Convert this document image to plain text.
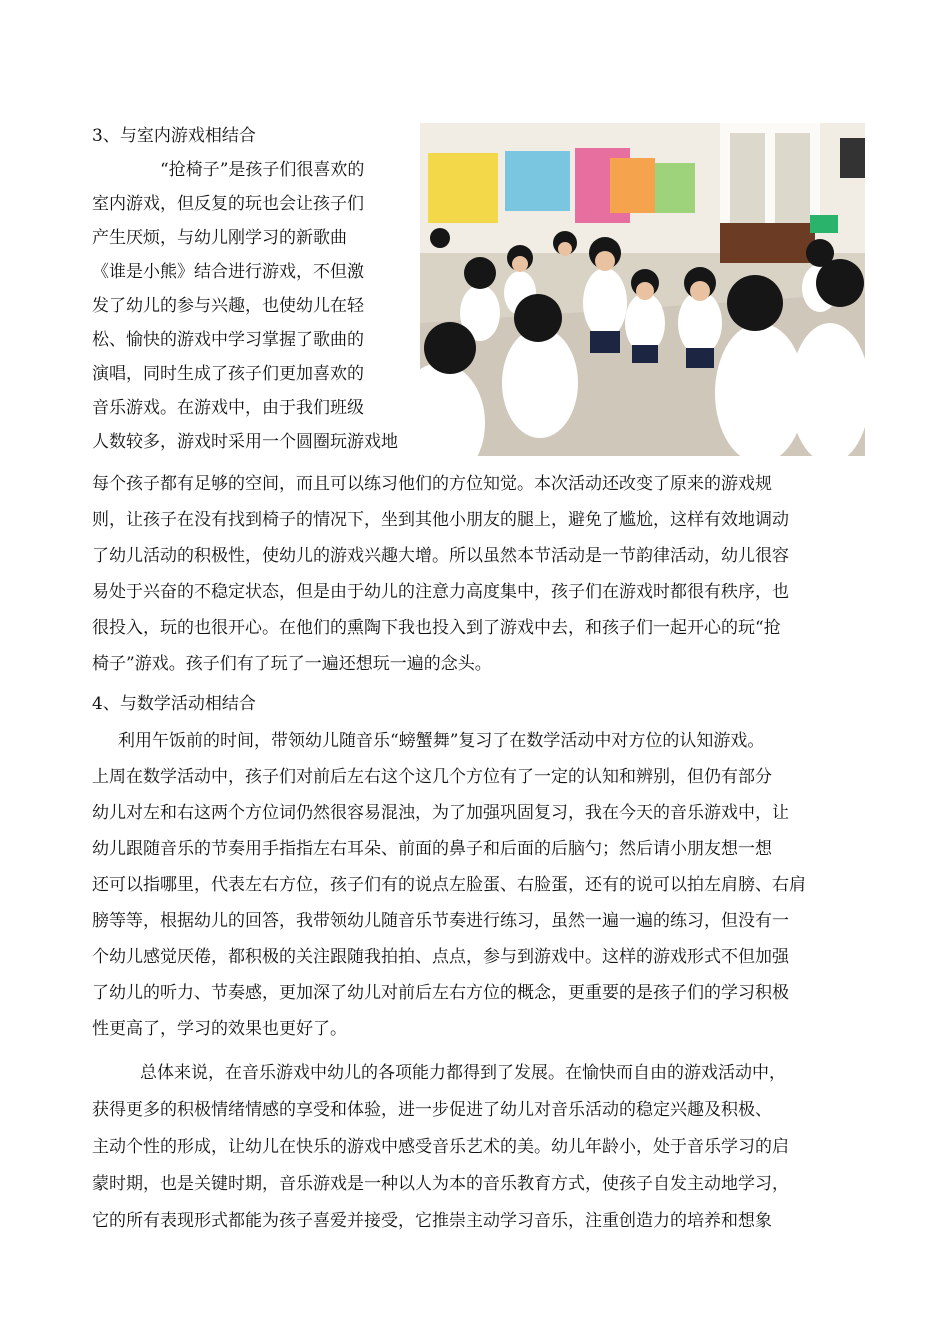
3、与室内游戏相结合
“抢椅子”是孩子们很喜欢的
室内游戏，但反复的玩也会让孩子们
产生厌烦，与幼儿刚学习的新歌曲
《谁是小熊》结合进行游戏，不但激
发了幼儿的参与兴趣，也使幼儿在轻
松、愉快的游戏中学习掌握了歌曲的
演唱，同时生成了孩子们更加喜欢的
音乐游戏。在游戏中，由于我们班级
人数较多，游戏时采用一个圆圈玩游戏地
每个孩子都有足够的空间，而且可以练习他们的方位知觉。本次活动还改变了原来的游戏规
则，让孩子在没有找到椅子的情况下，坐到其他小朋友的腿上，避免了尴尬，这样有效地调动
了幼儿活动的积极性，使幼儿的游戏兴趣大增。所以虽然本节活动是一节韵律活动，幼儿很容
易处于兴奋的不稳定状态，但是由于幼儿的注意力高度集中，孩子们在游戏时都很有秩序，也
很投入，玩的也很开心。在他们的熏陶下我也投入到了游戏中去，和孩子们一起开心的玩“抢
椅子”游戏。孩子们有了玩了一遍还想玩一遍的念头。
4、与数学活动相结合
利用午饭前的时间，带领幼儿随音乐“螃蟹舞”复习了在数学活动中对方位的认知游戏。
上周在数学活动中，孩子们对前后左右这个这几个方位有了一定的认知和辨别，但仍有部分
幼儿对左和右这两个方位词仍然很容易混浊，为了加强巩固复习，我在今天的音乐游戏中，让
幼儿跟随音乐的节奏用手指指左右耳朵、前面的鼻子和后面的后脑勺；然后请小朋友想一想
还可以指哪里，代表左右方位，孩子们有的说点左脸蛋、右脸蛋，还有的说可以拍左肩膀、右肩
膀等等，根据幼儿的回答，我带领幼儿随音乐节奏进行练习，虽然一遍一遍的练习，但没有一
个幼儿感觉厌倦，都积极的关注跟随我拍拍、点点，参与到游戏中。这样的游戏形式不但加强
了幼儿的听力、节奏感，更加深了幼儿对前后左右方位的概念，更重要的是孩子们的学习积极
性更高了，学习的效果也更好了。
总体来说，在音乐游戏中幼儿的各项能力都得到了发展。在愉快而自由的游戏活动中，
获得更多的积极情绪情感的享受和体验，进一步促进了幼儿对音乐活动的稳定兴趣及积极、
主动个性的形成，让幼儿在快乐的游戏中感受音乐艺术的美。幼儿年龄小，处于音乐学习的启
蒙时期，也是关键时期，音乐游戏是一种以人为本的音乐教育方式，使孩子自发主动地学习，
它的所有表现形式都能为孩子喜爱并接受，它推崇主动学习音乐，注重创造力的培养和想象
